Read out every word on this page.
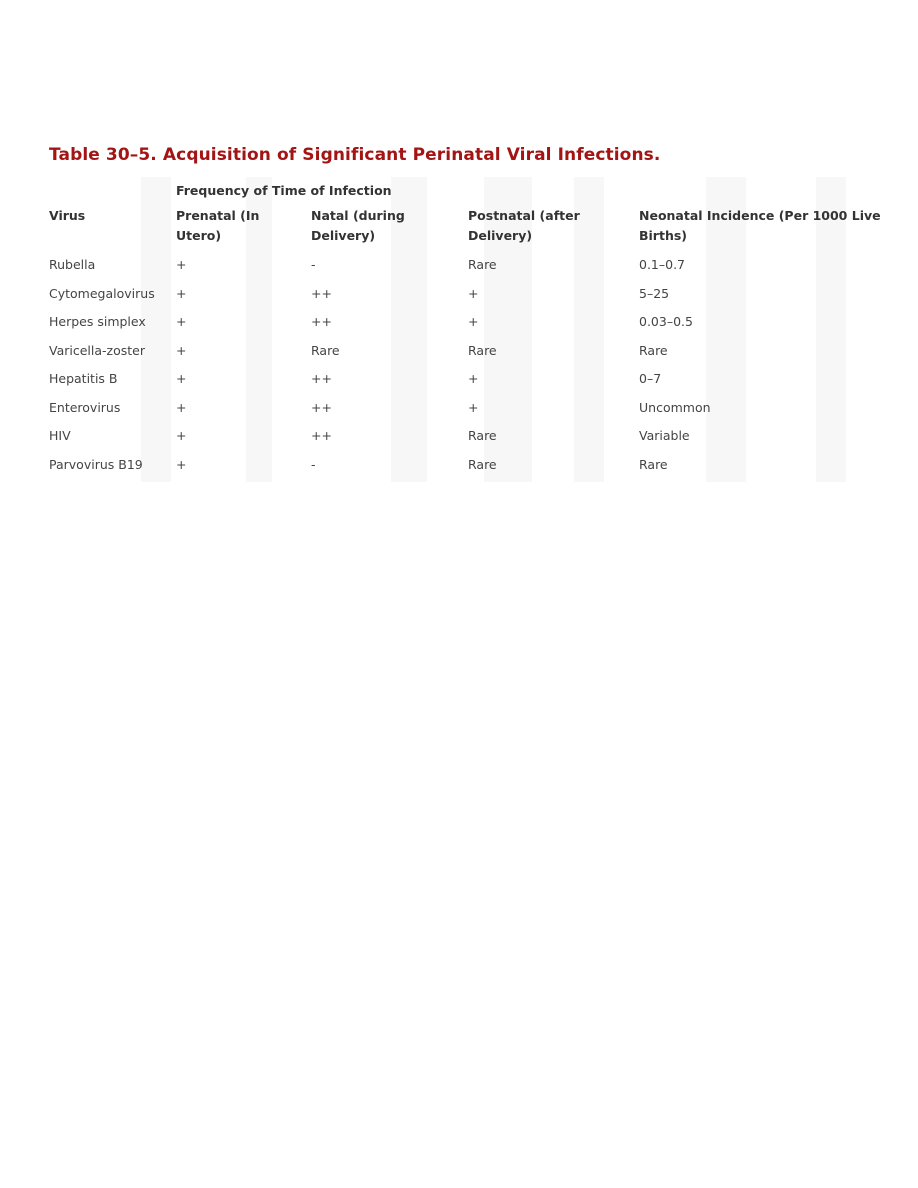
Table 30–5. Acquisition of Significant Perinatal Viral Infections.
	Frequency of Time of Infection			
Virus	Prenatal (In Utero)	Natal (during Delivery)	Postnatal (after Delivery)	Neonatal Incidence (Per 1000 Live Births)
Rubella	+	-	Rare	0.1–0.7
Cytomegalovirus	+	++	+	5–25
Herpes simplex	+	++	+	0.03–0.5
Varicella-zoster	+	Rare	Rare	Rare
Hepatitis B	+	++	+	0–7
Enterovirus	+	++	+	Uncommon
HIV	+	++	Rare	Variable
Parvovirus B19	+	-	Rare	Rare
